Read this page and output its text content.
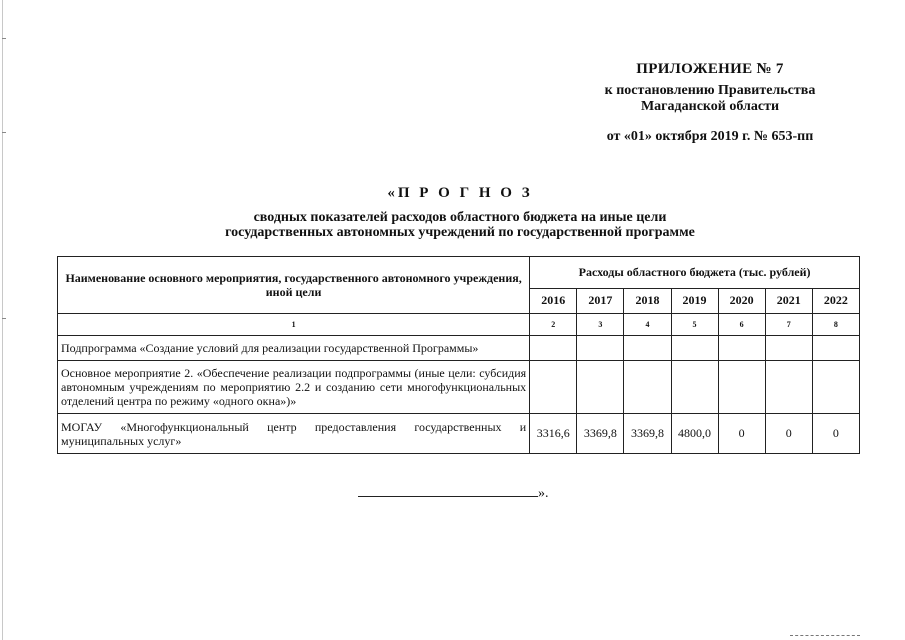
ПРИЛОЖЕНИЕ № 7
к постановлению Правительства
Магаданской области
от «01» октября 2019 г. № 653-пп
«П Р О Г Н О З
сводных показателей расходов областного бюджета на иные цели
государственных автономных учреждений по государственной программе
Наименование основного мероприятия, государственного автономного учреждения, иной цели	Расходы областного бюджета (тыс. рублей)						
	2016	2017	2018	2019	2020	2021	2022
1	2	3	4	5	6	7	8
Подпрограмма «Создание условий для реализации государственной Программы»							
Основное мероприятие 2. «Обеспечение реализации подпрограммы (иные цели: субсидия автономным учреждениям по мероприятию 2.2 и созданию сети многофункциональных отделений центра по режиму «одного окна»)»							
МОГАУ «Многофункциональный центр предоставления государственных и муниципальных услуг»	3316,6	3369,8	3369,8	4800,0	0	0	0
».
